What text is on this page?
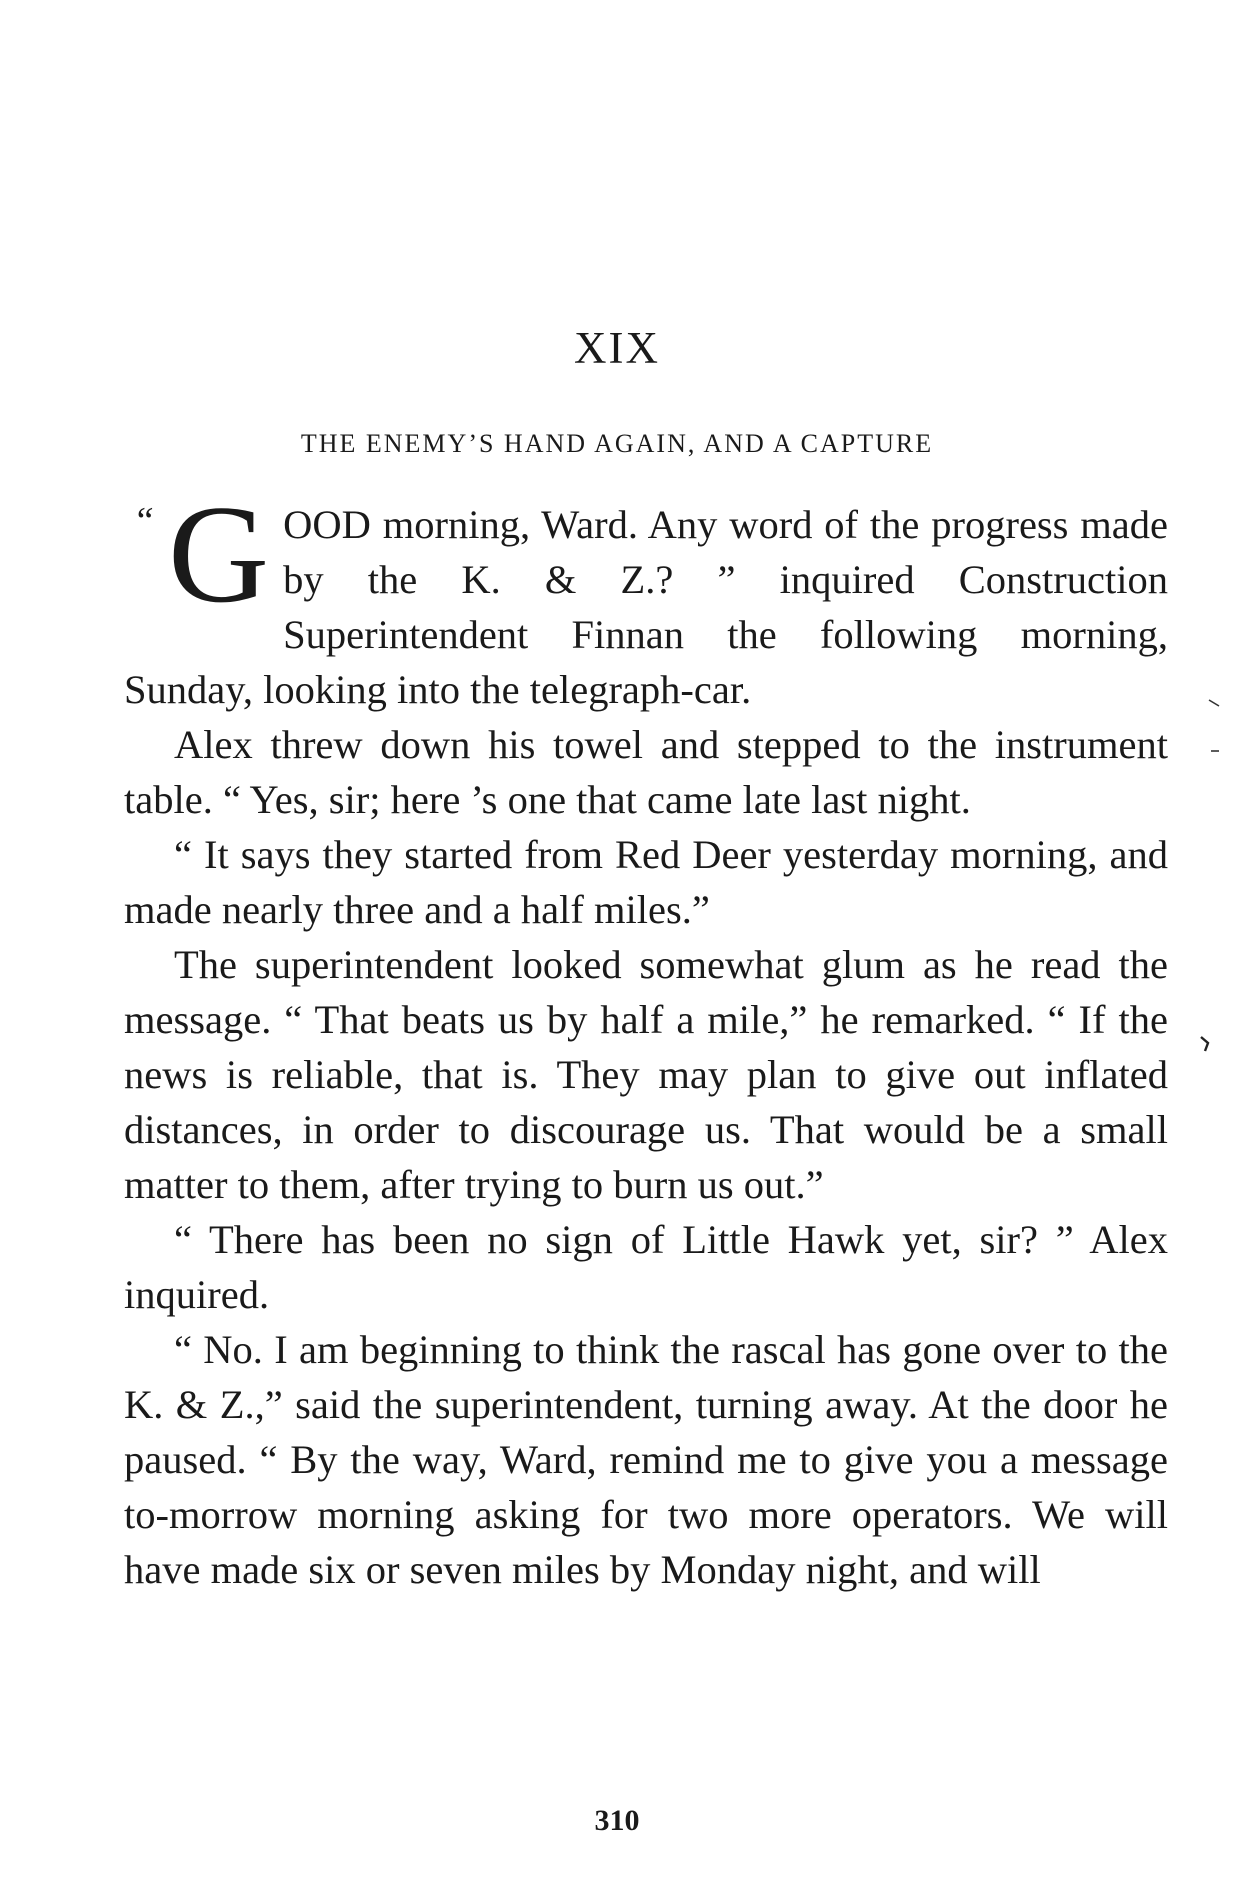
XIX
THE ENEMY’S HAND AGAIN, AND A CAPTURE
“ GOOD morning, Ward. Any word of the progress made by the K. & Z.? ” inquired Construction Superintendent Finnan the following morning, Sunday, looking into the telegraph-car.

Alex threw down his towel and stepped to the instrument table. “ Yes, sir; here ’s one that came late last night.

“ It says they started from Red Deer yesterday morning, and made nearly three and a half miles.”

The superintendent looked somewhat glum as he read the message. “ That beats us by half a mile,” he remarked. “ If the news is reliable, that is. They may plan to give out inflated distances, in order to discourage us. That would be a small matter to them, after trying to burn us out.”

“ There has been no sign of Little Hawk yet, sir? ” Alex inquired.

“ No. I am beginning to think the rascal has gone over to the K. & Z.,” said the superintendent, turning away. At the door he paused. “ By the way, Ward, remind me to give you a message to-morrow morning asking for two more operators. We will have made six or seven miles by Monday night, and will

310
